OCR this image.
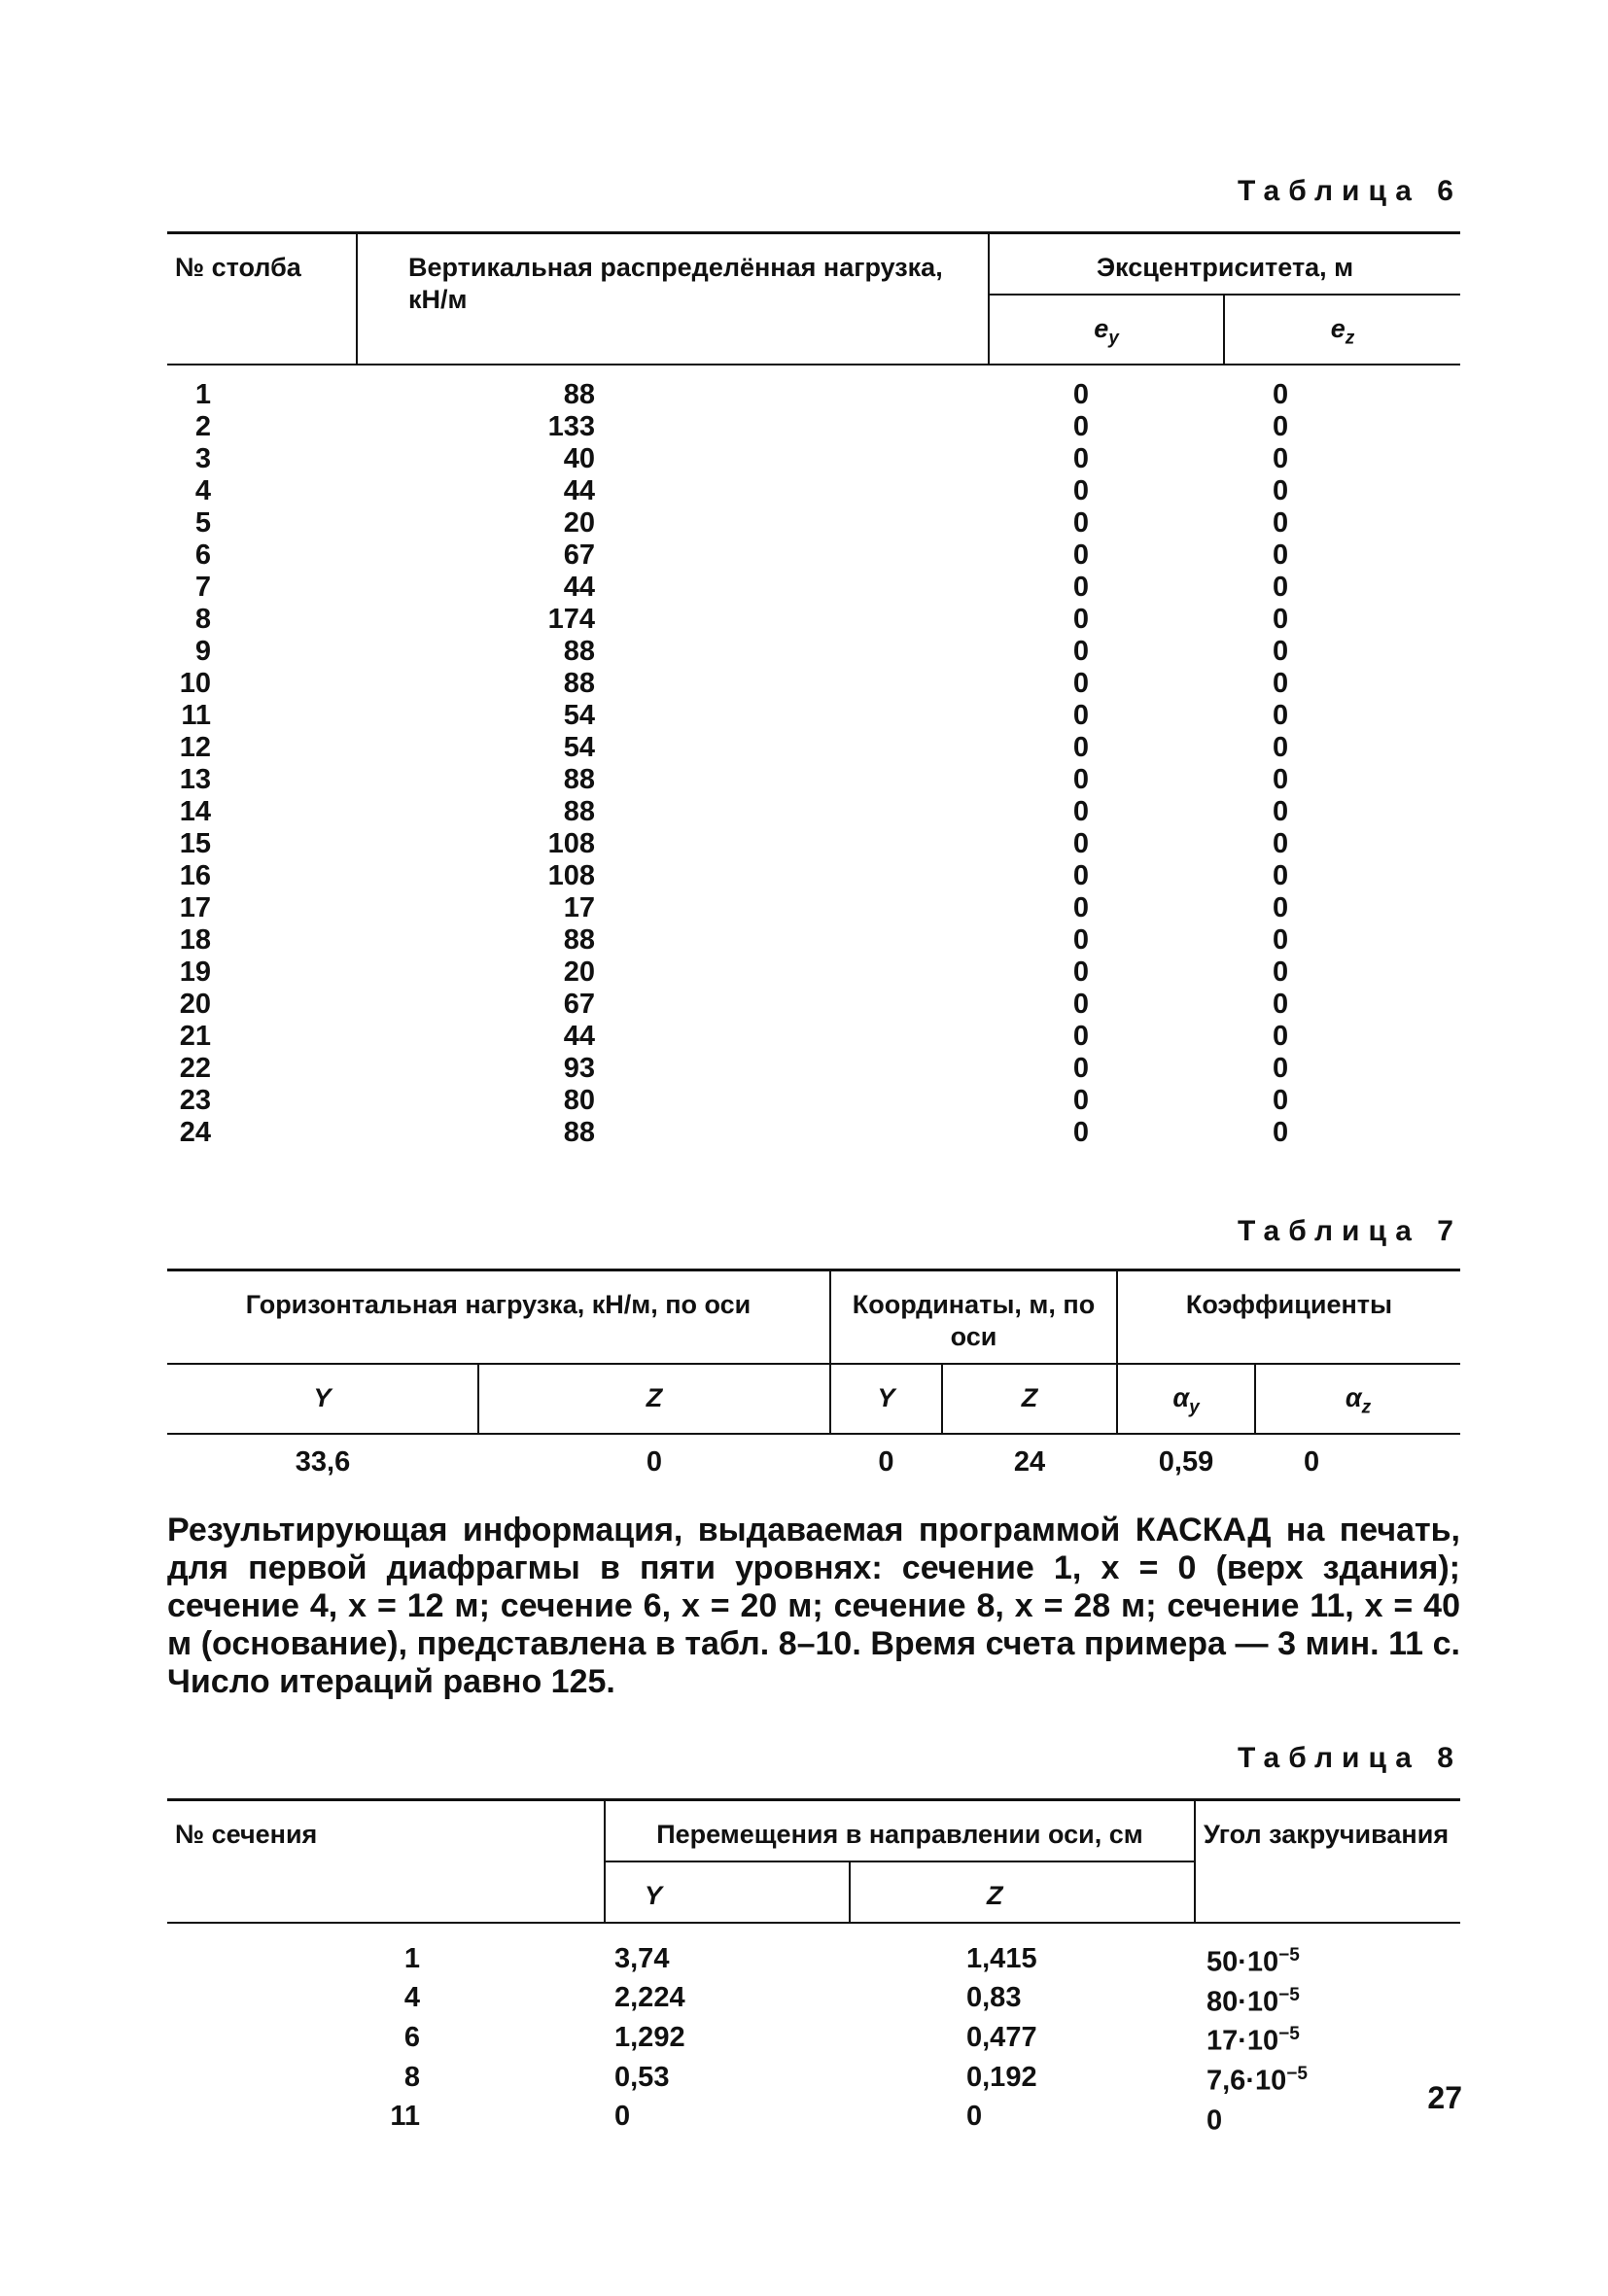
Таблица 6
№ столба	Вертикальная распределённая нагрузка, кН/м	Эксцентриситета, м	
		$e_y$	$e_z$
1	88	0	0
2	133	0	0
3	40	0	0
4	44	0	0
5	20	0	0
6	67	0	0
7	44	0	0
8	174	0	0
9	88	0	0
10	88	0	0
11	54	0	0
12	54	0	0
13	88	0	0
14	88	0	0
15	108	0	0
16	108	0	0
17	17	0	0
18	88	0	0
19	20	0	0
20	67	0	0
21	44	0	0
22	93	0	0
23	80	0	0
24	88	0	0
Таблица 7
Горизонтальная нагрузка, кН/м, по оси		Координаты, м, по оси		Коэффициенты	
Y	Z	Y	Z	$\alpha_y$	$\alpha_z$
33,6	0	0	24	0,59	0

Результирующая информация, выдаваемая программой КАСКАД на печать, для первой диафрагмы в пяти уровнях: сечение 1, x = 0 (верх здания); сечение 4, x = 12 м; сечение 6, x = 20 м; сечение 8, x = 28 м; сечение 11, x = 40 м (основание), представлена в табл. 8–10. Время счета примера — 3 мин. 11 с. Число итераций равно 125.

Таблица 8
№ сечения	Перемещения в направлении оси, см		Угол закручивания
	Y	Z	
1	3,74	1,415	$50\cdot 10^{-5}$
4	2,224	0,83	$80\cdot 10^{-5}$
6	1,292	0,477	$17\cdot 10^{-5}$
8	0,53	0,192	$7,6\cdot 10^{-5}$
11	0	0	0
27
